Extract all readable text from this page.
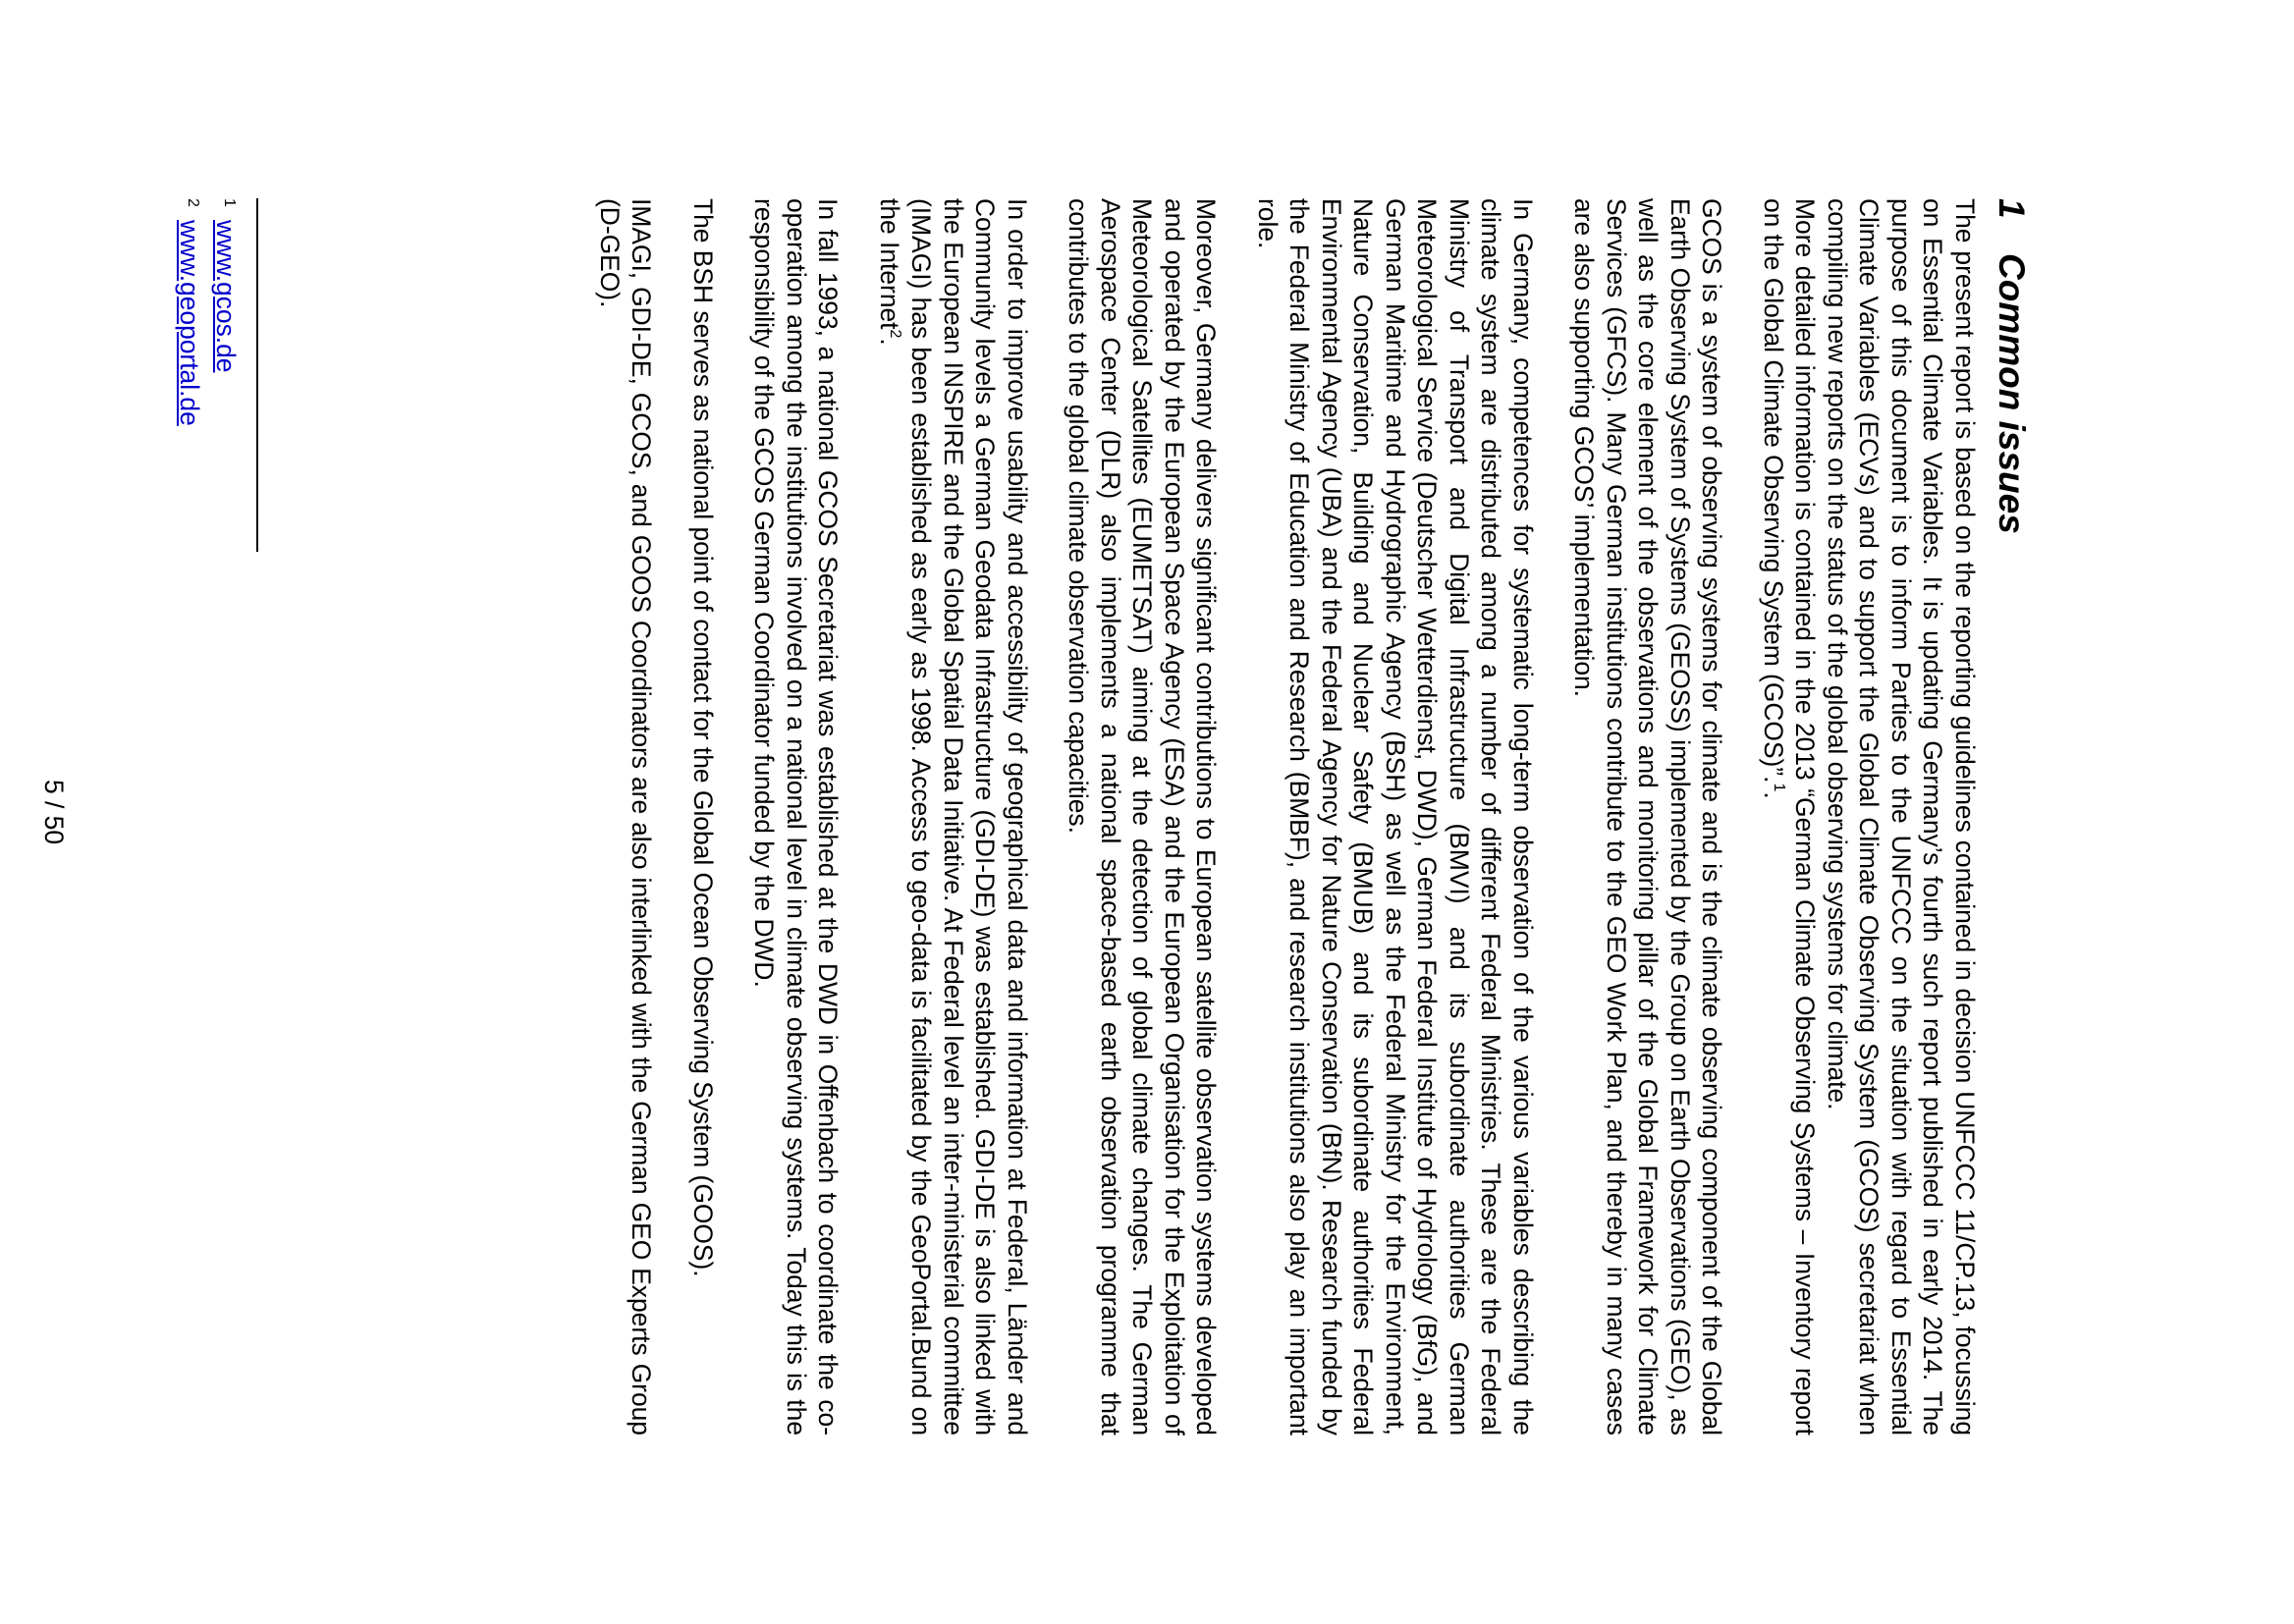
1
Common issues

The present report is based on the reporting guidelines contained in decision UNFCCC 11/CP.13, focussing on Essential Climate Variables. It is updating Germany’s fourth such report published in early 2014. The purpose of this document is to inform Parties to the UNFCCC on the situation with regard to Essential Climate Variables (ECVs) and to support the Global Climate Observing System (GCOS) secretariat when compiling new reports on the status of the global observing systems for climate.

More detailed information is contained in the 2013 “German Climate Observing Systems – Inventory report on the Global Climate Observing System (GCOS)”.$^1$.

GCOS is a system of observing systems for climate and is the climate observing component of the Global Earth Observing System of Systems (GEOSS) implemented by the Group on Earth Observations (GEO), as well as the core element of the observations and monitoring pillar of the Global Framework for Climate Services (GFCS). Many German institutions contribute to the GEO Work Plan, and thereby in many cases are also supporting GCOS’ implementation.

In Germany, competences for systematic long-term observation of the various variables describing the climate system are distributed among a number of different Federal Ministries. These are the Federal Ministry of Transport and Digital Infrastructure (BMVI) and its subordinate authorities German Meteorological Service (Deutscher Wetterdienst, DWD), German Federal Institute of Hydrology (BfG), and German Maritime and Hydrographic Agency (BSH) as well as the Federal Ministry for the Environment, Nature Conservation, Building and Nuclear Safety (BMUB) and its subordinate authorities Federal Environmental Agency (UBA) and the Federal Agency for Nature Conservation (BfN). Research funded by the Federal Ministry of Education and Research (BMBF), and research institutions also play an important role.

Moreover, Germany delivers significant contributions to European satellite observation systems developed and operated by the European Space Agency (ESA) and the European Organisation for the Exploitation of Meteorological Satellites (EUMETSAT) aiming at the detection of global climate changes. The German Aerospace Center (DLR) also implements a national space-based earth observation programme that contributes to the global climate observation capacities.

In order to improve usability and accessibility of geographical data and information at Federal, Länder and Community levels a German Geodata Infrastructure (GDI-DE) was established. GDI-DE is also linked with the European INSPIRE and the Global Spatial Data Initiative. At Federal level an inter-ministerial committee (IMAGI) has been established as early as 1998. Access to geo-data is facilitated by the GeoPortal.Bund on the Internet$^2$.

In fall 1993, a national GCOS Secretariat was established at the DWD in Offenbach to coordinate the co-operation among the institutions involved on a national level in climate observing systems. Today this is the responsibility of the GCOS German Coordinator funded by the DWD.

The BSH serves as national point of contact for the Global Ocean Observing System (GOOS).

IMAGI, GDI-DE, GCOS, and GOOS Coordinators are also interlinked with the German GEO Experts Group (D-GEO).

1
www.gcos.de
2
www.geoportal.de
5 / 50
